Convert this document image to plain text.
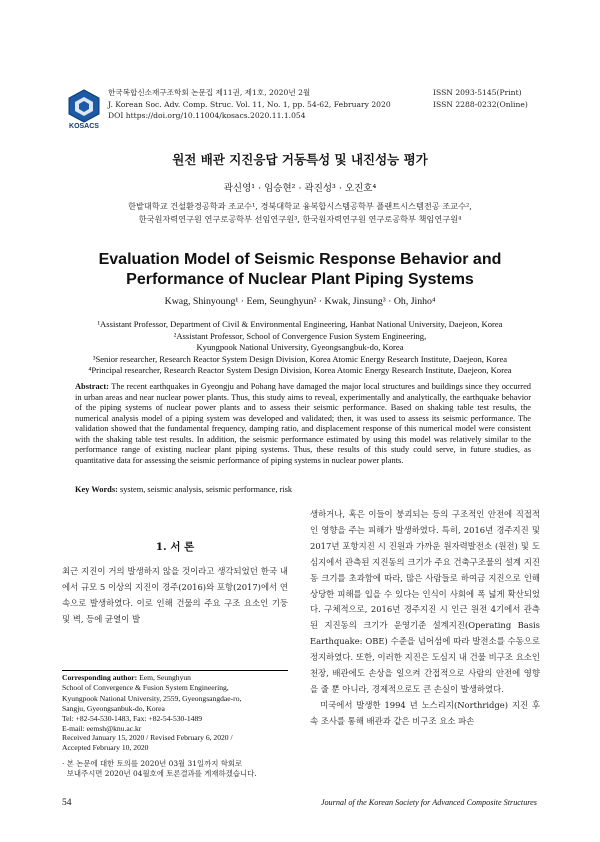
KOSACS
한국복합신소재구조학회 논문집 제11권, 제1호, 2020년 2월
J. Korean Soc. Adv. Comp. Struc. Vol. 11, No. 1, pp. 54-62, February 2020
DOI https://doi.org/10.11004/kosacs.2020.11.1.054
ISSN 2093-5145(Print)
ISSN 2288-0232(Online)
원전 배관 지진응답 거동특성 및 내진성능 평가
곽신영¹ · 임승현² · 곽진성³ · 오진호⁴
한밭대학교 건설환경공학과 조교수¹, 경북대학교 융복합시스템공학부 플랜트시스템전공 조교수²,
한국원자력연구원 연구로공학부 선임연구원³, 한국원자력연구원 연구로공학부 책임연구원⁴
Evaluation Model of Seismic Response Behavior and Performance of Nuclear Plant Piping Systems
Kwag, Shinyoung¹ · Eem, Seunghyun² · Kwak, Jinsung³ · Oh, Jinho⁴
¹Assistant Professor, Department of Civil & Environmental Engineering, Hanbat National University, Daejeon, Korea
²Assistant Professor, School of Convergence Fusion System Engineering,
Kyungpook National University, Gyeongsangbuk-do, Korea
³Senior researcher, Research Reactor System Design Division, Korea Atomic Energy Research Institute, Daejeon, Korea
⁴Principal researcher, Research Reactor System Design Division, Korea Atomic Energy Research Institute, Daejeon, Korea
Abstract: The recent earthquakes in Gyeongju and Pohang have damaged the major local structures and buildings since they occurred in urban areas and near nuclear power plants. Thus, this study aims to reveal, experimentally and analytically, the earthquake behavior of the piping systems of nuclear power plants and to assess their seismic performance. Based on shaking table test results, the numerical analysis model of a piping system was developed and validated; then, it was used to assess its seismic performance. The validation showed that the fundamental frequency, damping ratio, and displacement response of this numerical model were consistent with the shaking table test results. In addition, the seismic performance estimated by using this model was relatively similar to the performance range of existing nuclear plant piping systems. Thus, these results of this study could serve, in future studies, as quantitative data for assessing the seismic performance of piping systems in nuclear power plants.
Key Words: system, seismic analysis, seismic performance, risk
1. 서 론
최근 지진이 거의 발생하지 않을 것이라고 생각되었던 한국 내에서 규모 5 이상의 지진이 경주(2016)와 포항(2017)에서 연속으로 발생하였다. 이로 인해 건물의 주요 구조 요소인 기둥 및 벽, 등에 균열이 발
Corresponding author: Eem, Seunghyun
School of Convergence & Fusion System Engineering,
Kyungpook National University, 2559, Gyeongsangdae-ro,
Sangju, Gyeongsanbuk-do, Korea
Tel: +82-54-530-1483, Fax: +82-54-530-1489
E-mail: eemsh@knu.ac.kr
Received January 15, 2020 / Revised February 6, 2020 /
Accepted February 10, 2020
· 본 논문에 대한 토의를 2020년 03월 31일까지 학회로
보내주시면 2020년 04월호에 토론결과를 게재하겠습니다.
생하거나, 혹은 이들이 붕괴되는 등의 구조적인 안전에 직접적인 영향을 주는 피해가 발생하였다. 특히, 2016년 경주지진 및 2017년 포항지진 시 진원과 가까운 원자력발전소 (원전) 및 도심지에서 관측된 지진동의 크기가 주요 건축구조물의 설계 지진동 크기를 초과함에 따라, 많은 사람들로 하여금 지진으로 인해 상당한 피해를 입을 수 있다는 인식이 사회에 폭 넓게 확산되었다. 구체적으로, 2016년 경주지진 시 인근 원전 4기에서 관측된 지진동의 크기가 운영기준 설계지진(Operating Basis Earthquake: OBE) 수준을 넘어섬에 따라 발전소를 수동으로 정지하였다. 또한, 이러한 지진은 도심지 내 건물 비구조 요소인 천장, 배관에도 손상을 일으켜 간접적으로 사람의 안전에 영향을 줄 뿐 아니라, 경제적으로도 큰 손실이 발생하였다.
미국에서 발생한 1994 년 노스리지(Northridge) 지진 후속 조사를 통해 배관과 같은 비구조 요소 파손
54	Journal of the Korean Society for Advanced Composite Structures
